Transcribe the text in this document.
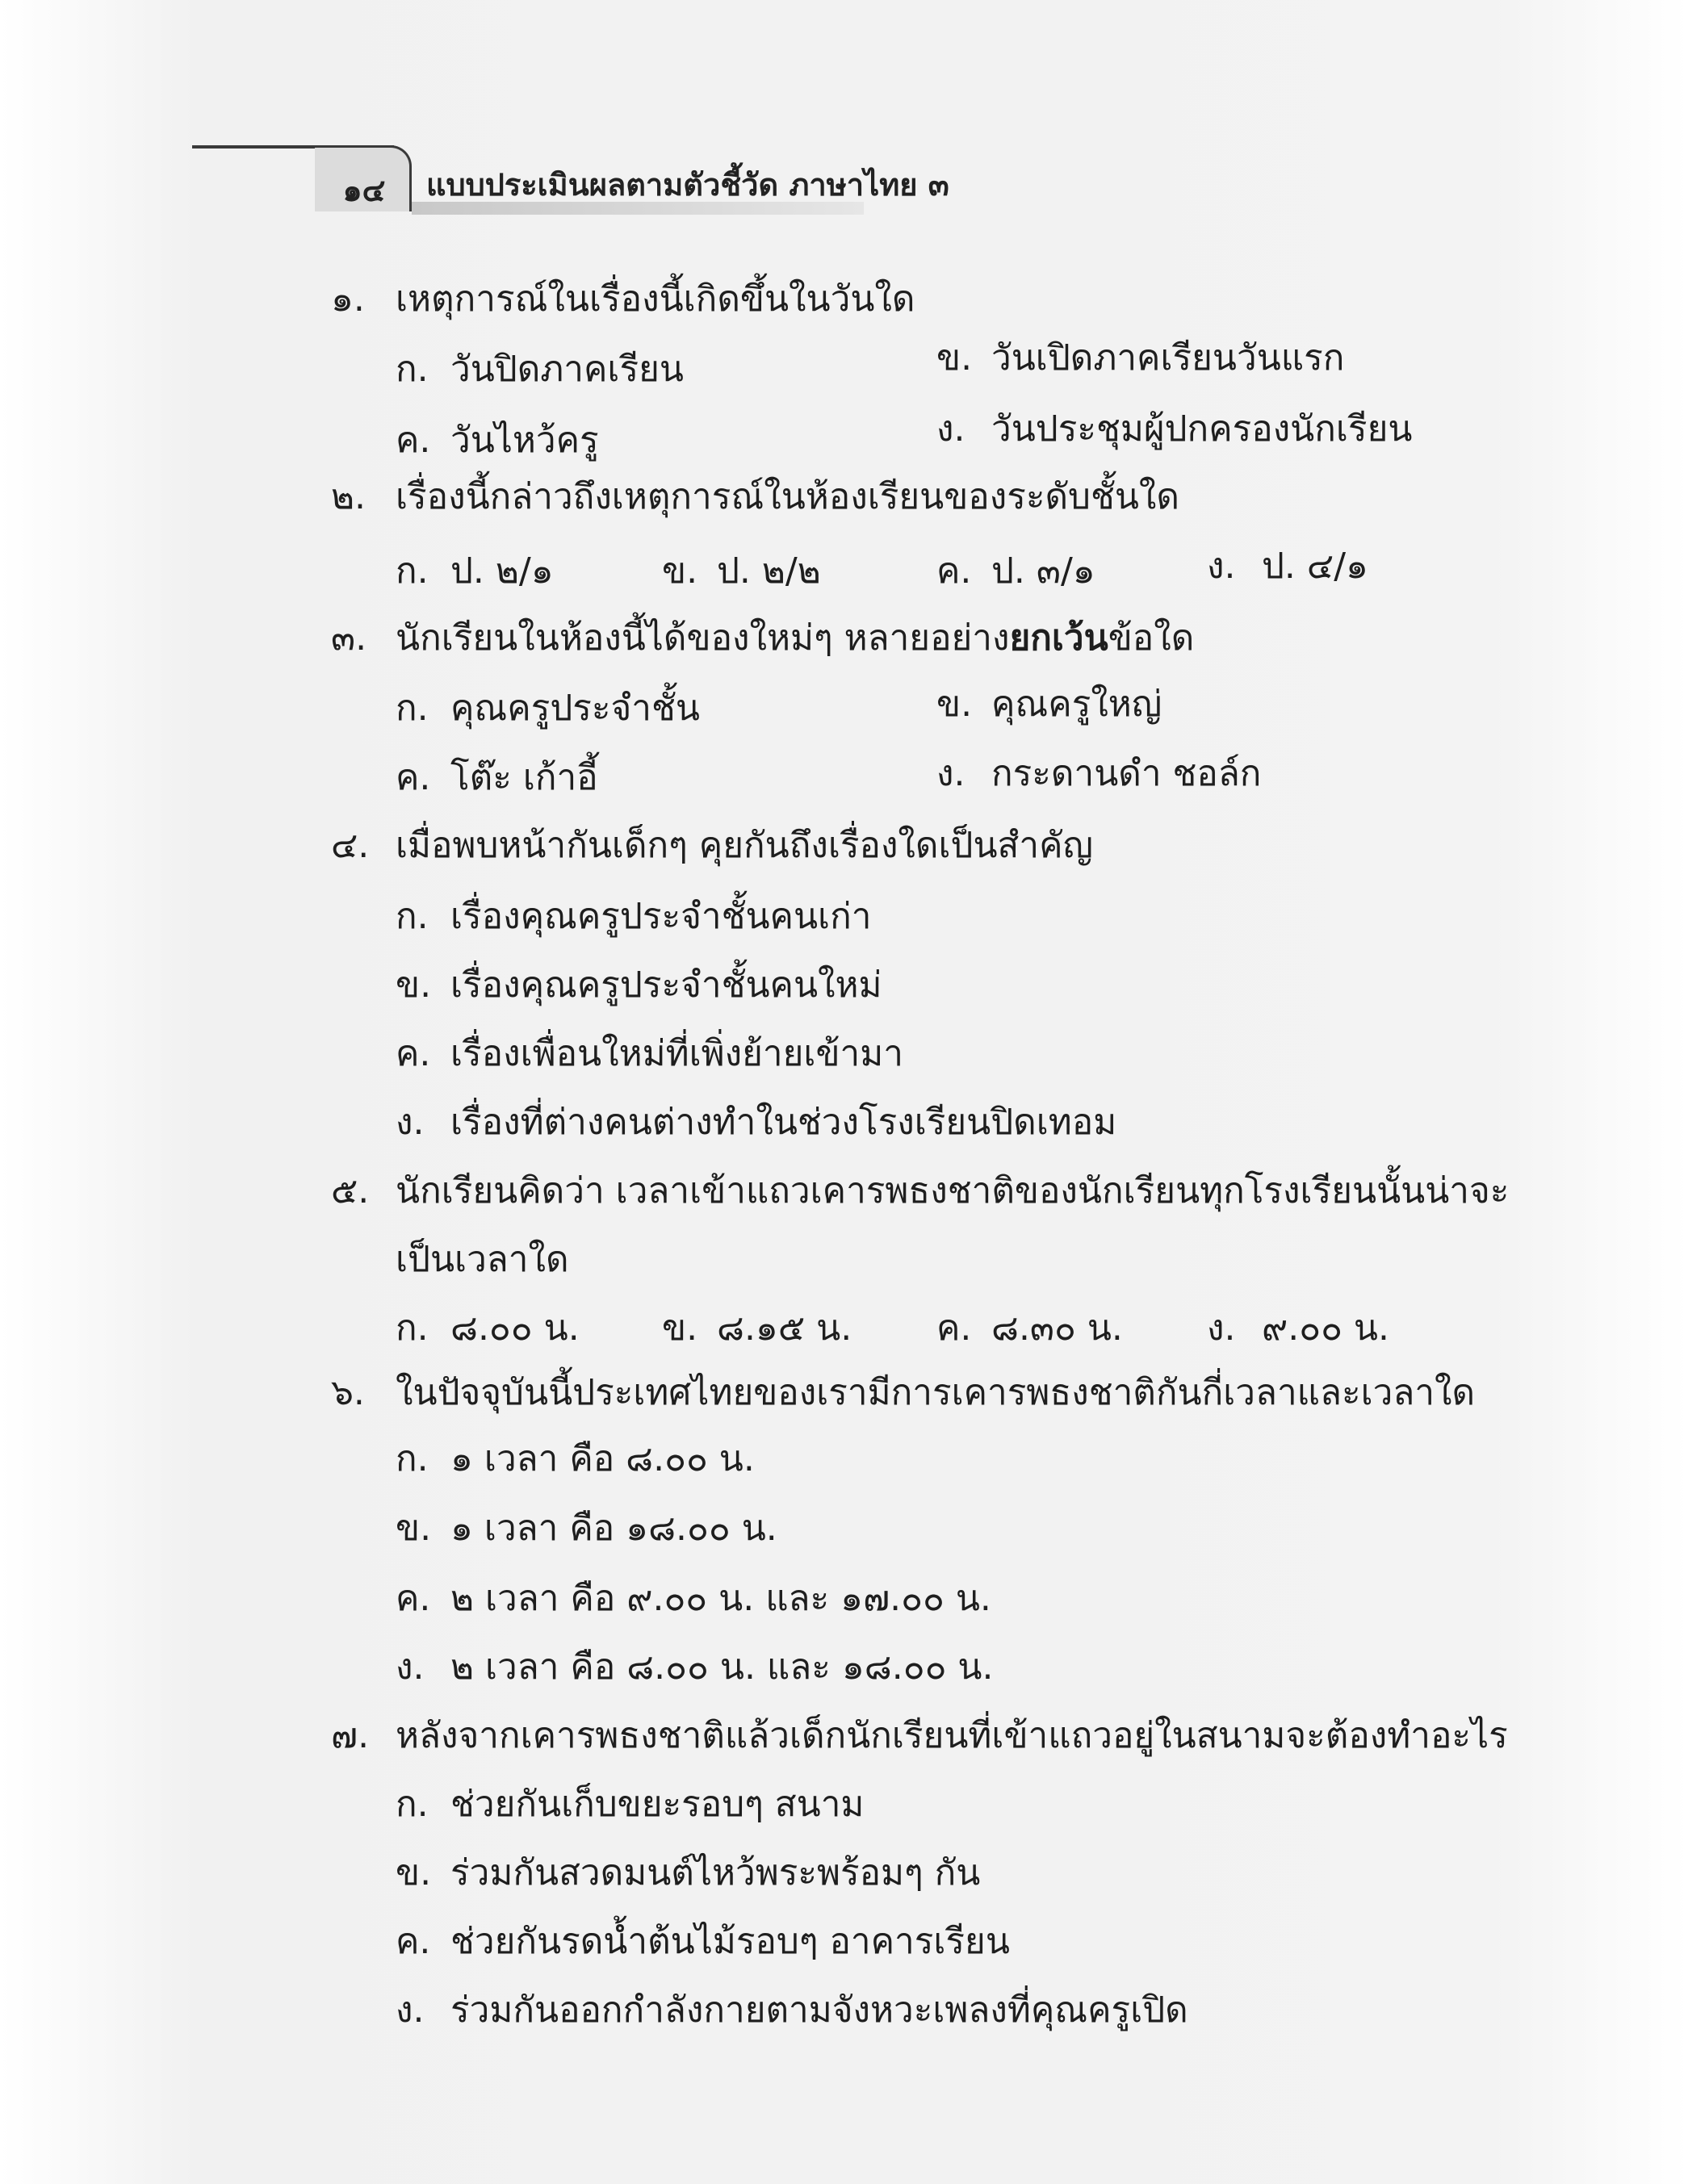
๑๔	แบบประเมินผลตามตัวชี้วัด ภาษาไทย ๓
๑. เหตุการณ์ในเรื่องนี้เกิดขึ้นในวันใด
ก. วันปิดภาคเรียน	ข. วันเปิดภาคเรียนวันแรก
ค. วันไหว้ครู	ง. วันประชุมผู้ปกครองนักเรียน
๒. เรื่องนี้กล่าวถึงเหตุการณ์ในห้องเรียนของระดับชั้นใด
ก. ป. ๒/๑	ข. ป. ๒/๒	ค. ป. ๓/๑	ง. ป. ๔/๑
๓. นักเรียนในห้องนี้ได้ของใหม่ๆ หลายอย่างยกเว้นข้อใด
ก. คุณครูประจำชั้น	ข. คุณครูใหญ่
ค. โต๊ะ เก้าอี้	ง. กระดานดำ ชอล์ก
๔. เมื่อพบหน้ากันเด็กๆ คุยกันถึงเรื่องใดเป็นสำคัญ
ก. เรื่องคุณครูประจำชั้นคนเก่า
ข. เรื่องคุณครูประจำชั้นคนใหม่
ค. เรื่องเพื่อนใหม่ที่เพิ่งย้ายเข้ามา
ง. เรื่องที่ต่างคนต่างทำในช่วงโรงเรียนปิดเทอม
๕. นักเรียนคิดว่า เวลาเข้าแถวเคารพธงชาติของนักเรียนทุกโรงเรียนนั้นน่าจะ
เป็นเวลาใด
ก. ๘.๐๐ น. ข. ๘.๑๕ น. ค. ๘.๓๐ น. ง. ๙.๐๐ น.
๖. ในปัจจุบันนี้ประเทศไทยของเรามีการเคารพธงชาติกันกี่เวลาและเวลาใด
ก. ๑ เวลา คือ ๘.๐๐ น.
ข. ๑ เวลา คือ ๑๘.๐๐ น.
ค. ๒ เวลา คือ ๙.๐๐ น. และ ๑๗.๐๐ น.
ง. ๒ เวลา คือ ๘.๐๐ น. และ ๑๘.๐๐ น.
๗. หลังจากเคารพธงชาติแล้วเด็กนักเรียนที่เข้าแถวอยู่ในสนามจะต้องทำอะไร
ก. ช่วยกันเก็บขยะรอบๆ สนาม
ข. ร่วมกันสวดมนต์ไหว้พระพร้อมๆ กัน
ค. ช่วยกันรดน้ำต้นไม้รอบๆ อาคารเรียน
ง. ร่วมกันออกกำลังกายตามจังหวะเพลงที่คุณครูเปิด
